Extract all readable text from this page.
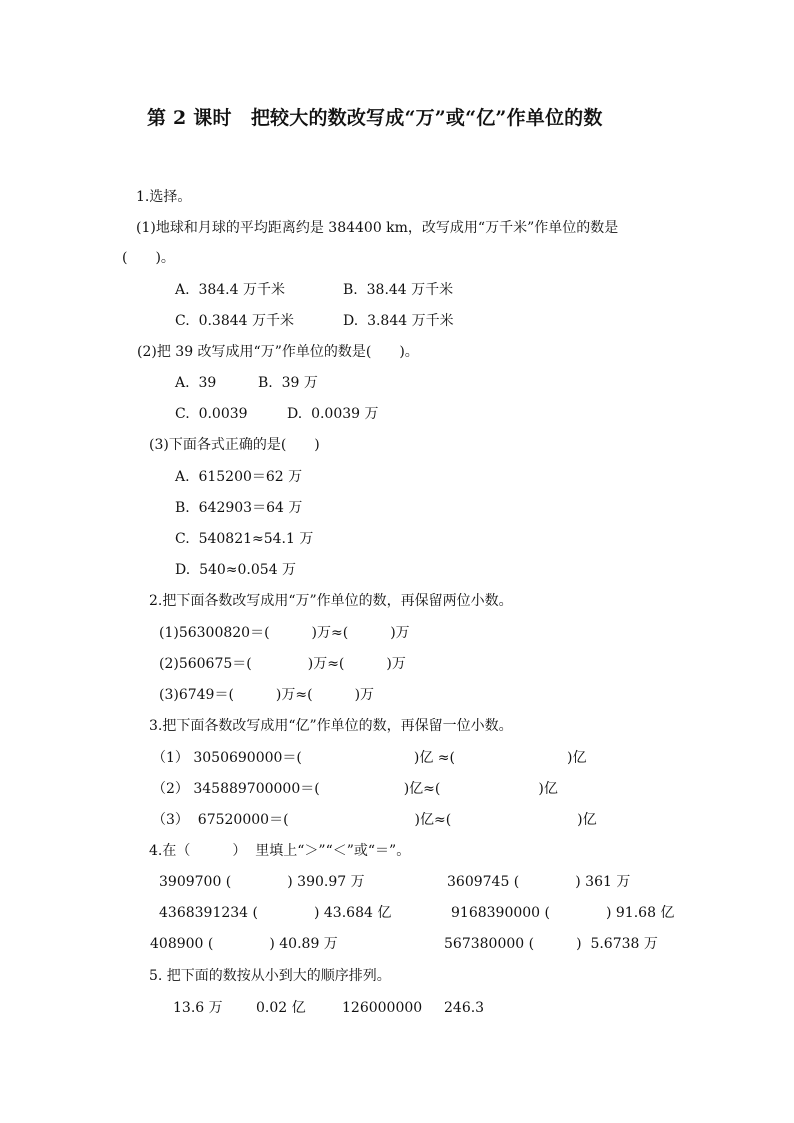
第 2 课时　把较大的数改写成“万”或“亿”作单位的数
1.选择。
(1)地球和月球的平均距离约是 384400 km，改写成用“万千米”作单位的数是
(　　)。
A.  384.4 万千米	B.  38.44 万千米
C.  0.3844 万千米	D.  3.844 万千米
(2)把 39 改写成用“万”作单位的数是(　　)。
A.  39	B.  39 万
C.  0.0039	D.  0.0039 万
(3)下面各式正确的是(　　)
A.  615200＝62 万
B.  642903＝64 万
C.  540821≈54.1 万
D.  540≈0.054 万
2.把下面各数改写成用“万”作单位的数，再保留两位小数。
(1)56300820＝(　　　)万≈(　　　)万
(2)560675＝(　　　　)万≈(　　　)万
(3)6749＝(　　　)万≈(　　　)万
3.把下面各数改写成用“亿”作单位的数，再保留一位小数。
（1） 3050690000＝(　　　　　　　　)亿 ≈(　　　　　　　　)亿
（2） 345889700000＝(　　　　　　)亿≈(　　　　　　　)亿
（3）  67520000＝(　　　　　　　　　)亿≈(　　　　　　　　　)亿
4.在（　　　）  里填上“＞”“＜”或“＝”。
3909700 (　　　　) 390.97 万	3609745 (　　　　) 361 万
4368391234 (　　　　) 43.684 亿	9168390000 (　　　　) 91.68 亿
408900 (　　　　) 40.89 万	567380000 (　　　)  5.6738 万
5. 把下面的数按从小到大的顺序排列。
13.6 万 0.02 亿	126000000 246.3
